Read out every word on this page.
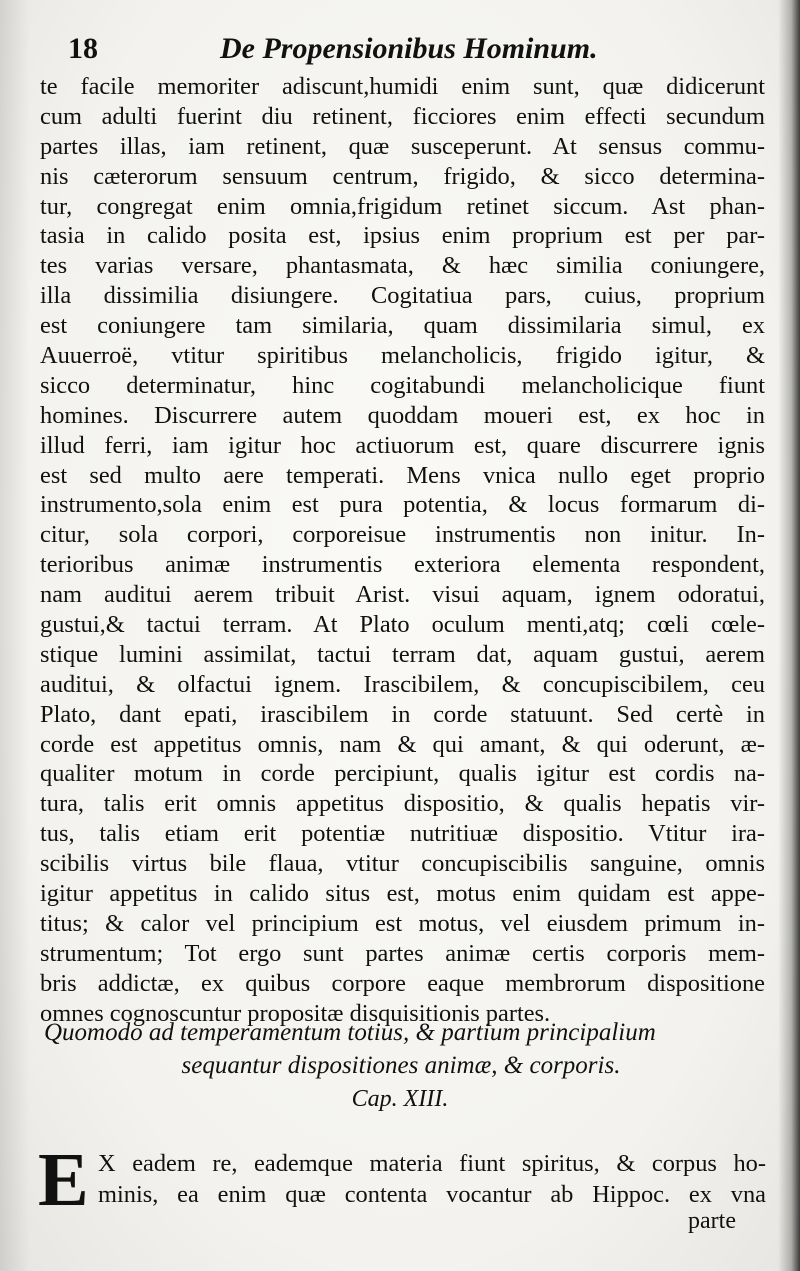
18	De Propensionibus Hominum.
te facile memoriter adiscunt,humidi enim sunt, quæ didicerunt
cum adulti fuerint diu retinent, ficciores enim effecti secundum
partes illas, iam retinent, quæ susceperunt. At sensus commu-
nis cæterorum sensuum centrum, frigido, & sicco determina-
tur, congregat enim omnia,frigidum retinet siccum. Ast phan-
tasia in calido posita est, ipsius enim proprium est per par-
tes varias versare, phantasmata, & hæc similia coniungere,
illa dissimilia disiungere. Cogitatiua pars, cuius, proprium
est coniungere tam similaria, quam dissimilaria simul, ex
Auuerroë, vtitur spiritibus melancholicis, frigido igitur, &
sicco determinatur, hinc cogitabundi melancholicique fiunt
homines. Discurrere autem quoddam moueri est, ex hoc in
illud ferri, iam igitur hoc actiuorum est, quare discurrere ignis
est sed multo aere temperati. Mens vnica nullo eget proprio
instrumento,sola enim est pura potentia, & locus formarum di-
citur, sola corpori, corporeisue instrumentis non initur. In-
terioribus animæ instrumentis exteriora elementa respondent,
nam auditui aerem tribuit Arist. visui aquam, ignem odoratui,
gustui,& tactui terram. At Plato oculum menti,atq; cœli cœle-
stique lumini assimilat, tactui terram dat, aquam gustui, aerem
auditui, & olfactui ignem. Irascibilem, & concupiscibilem, ceu
Plato, dant epati, irascibilem in corde statuunt. Sed certè in
corde est appetitus omnis, nam & qui amant, & qui oderunt, æ-
qualiter motum in corde percipiunt, qualis igitur est cordis na-
tura, talis erit omnis appetitus dispositio, & qualis hepatis vir-
tus, talis etiam erit potentiæ nutritiuæ dispositio. Vtitur ira-
scibilis virtus bile flaua, vtitur concupiscibilis sanguine, omnis
igitur appetitus in calido situs est, motus enim quidam est appe-
titus; & calor vel principium est motus, vel eiusdem primum in-
strumentum; Tot ergo sunt partes animæ certis corporis mem-
bris addictæ, ex quibus corpore eaque membrorum dispositione
omnes cognoscuntur propositæ disquisitionis partes.
Quomodo ad temperamentum totius, & partium principalium
sequantur dispositiones animæ, & corporis.
Cap. XIII.
E X eadem re, eademque materia fiunt spiritus, & corpus ho-
minis, ea enim quæ contenta vocantur ab Hippoc. ex vna
parte
